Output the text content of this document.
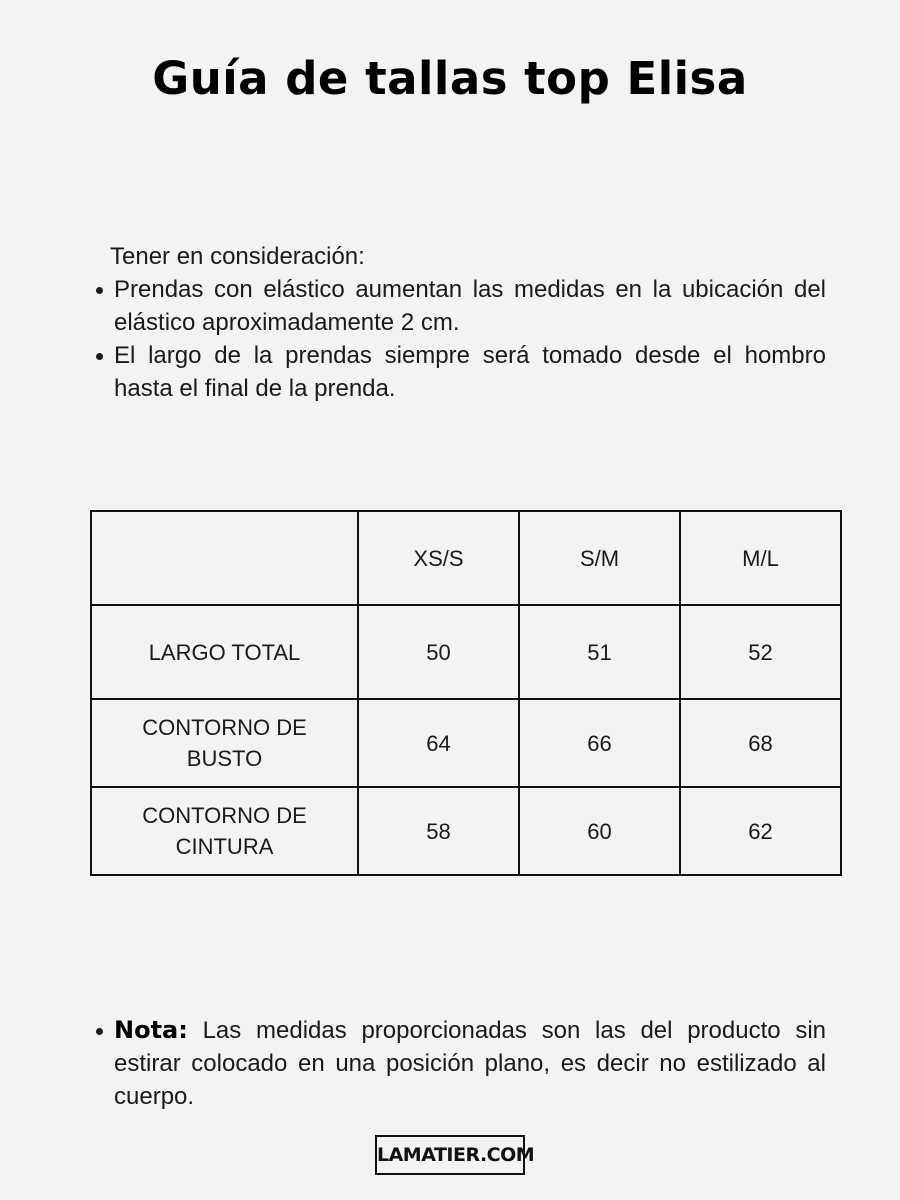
Guía de tallas top Elisa
Tener en consideración:
Prendas con elástico aumentan las medidas en la ubicación del elástico aproximadamente 2 cm.
El largo de la prendas siempre será tomado desde el hombro hasta el final de la prenda.
	XS/S	S/M	M/L
LARGO TOTAL	50	51	52

CONTORNO DE BUSTO	64	66	68

CONTORNO DE CINTURA	58	60	62
Nota: Las medidas proporcionadas son las del producto sin estirar colocado en una posición plano, es decir no estilizado al cuerpo.
LAMATIER.COM
